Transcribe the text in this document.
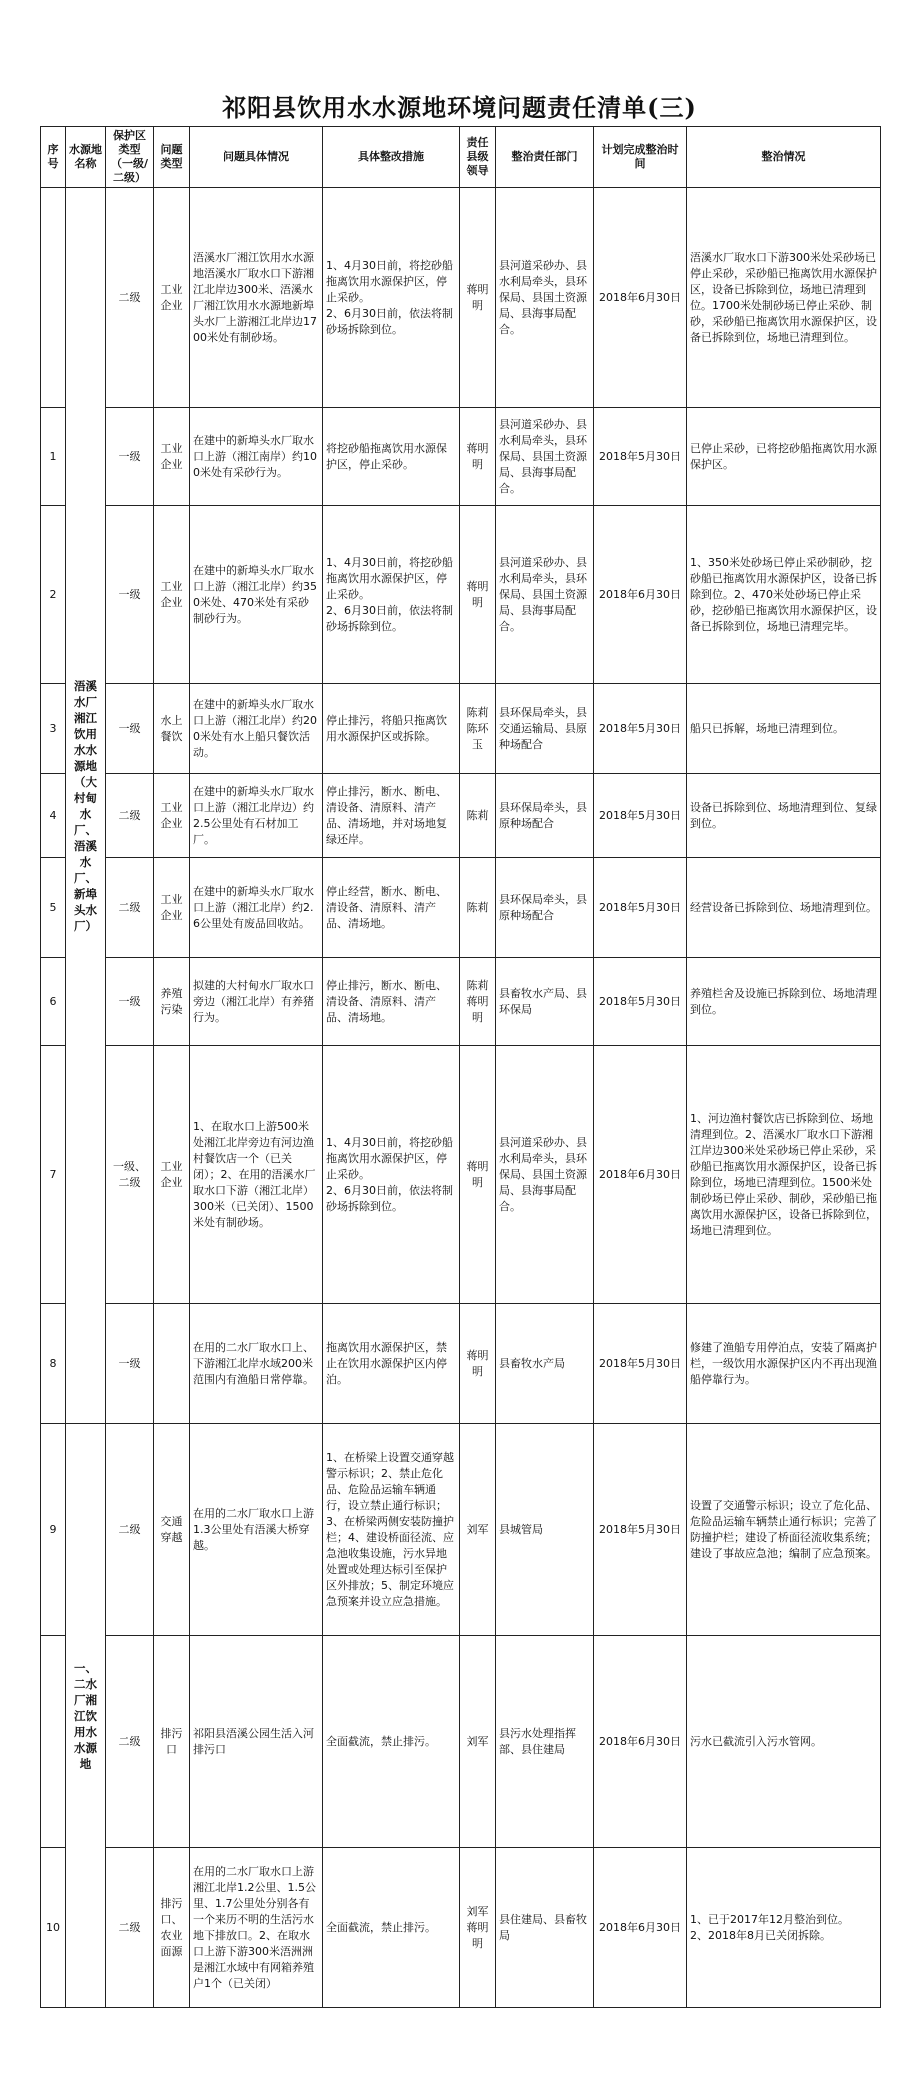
祁阳县饮用水水源地环境问题责任清单(三)
序号	水源地名称	保护区类型（一级/二级）	问题类型	问题具体情况	具体整改措施	责任县级领导	整治责任部门	计划完成整治时间	整治情况
	浯溪水厂湘江饮用水水源地（大村甸水厂、浯溪水厂、新埠头水厂）	二级	工业企业	浯溪水厂湘江饮用水水源地浯溪水厂取水口下游湘江北岸边300米、浯溪水厂湘江饮用水水源地新埠头水厂上游湘江北岸边1700米处有制砂场。	1、4月30日前，将挖砂船拖离饮用水源保护区，停止采砂。
2、6月30日前，依法将制砂场拆除到位。	蒋明明	县河道采砂办、县水利局牵头，县环保局、县国土资源局、县海事局配合。	2018年6月30日	浯溪水厂取水口下游300米处采砂场已停止采砂，采砂船已拖离饮用水源保护区，设备已拆除到位，场地已清理到位。1700米处制砂场已停止采砂、制砂，采砂船已拖离饮用水源保护区，设备已拆除到位，场地已清理到位。
1		一级	工业企业	在建中的新埠头水厂取水口上游（湘江南岸）约100米处有采砂行为。	将挖砂船拖离饮用水源保护区，停止采砂。	蒋明明	县河道采砂办、县水利局牵头，县环保局、县国土资源局、县海事局配合。	2018年5月30日	已停止采砂，已将挖砂船拖离饮用水源保护区。
2		一级	工业企业	在建中的新埠头水厂取水口上游（湘江北岸）约350米处、470米处有采砂制砂行为。	1、4月30日前，将挖砂船拖离饮用水源保护区，停止采砂。
2、6月30日前，依法将制砂场拆除到位。	蒋明明	县河道采砂办、县水利局牵头，县环保局、县国土资源局、县海事局配合。	2018年6月30日	1、350米处砂场已停止采砂制砂，挖砂船已拖离饮用水源保护区，设备已拆除到位。2、470米处砂场已停止采砂，挖砂船已拖离饮用水源保护区，设备已拆除到位，场地已清理完毕。
3		一级	水上餐饮	在建中的新埠头水厂取水口上游（湘江北岸）约200米处有水上船只餐饮活动。	停止排污，将船只拖离饮用水源保护区或拆除。	陈莉陈环玉	县环保局牵头，县交通运输局、县原种场配合	2018年5月30日	船只已拆解，场地已清理到位。
4		二级	工业企业	在建中的新埠头水厂取水口上游（湘江北岸边）约2.5公里处有石材加工厂。	停止排污，断水、断电、清设备、清原料、清产品、清场地，并对场地复绿还岸。	陈莉	县环保局牵头，县原种场配合	2018年5月30日	设备已拆除到位、场地清理到位、复绿到位。
5		二级	工业企业	在建中的新埠头水厂取水口上游（湘江北岸）约2.6公里处有废品回收站。	停止经营，断水、断电、清设备、清原料、清产品、清场地。	陈莉	县环保局牵头，县原种场配合	2018年5月30日	经营设备已拆除到位、场地清理到位。
6		一级	养殖污染	拟建的大村甸水厂取水口旁边（湘江北岸）有养猪行为。	停止排污，断水、断电、清设备、清原料、清产品、清场地。	陈莉蒋明明	县畜牧水产局、县环保局	2018年5月30日	养殖栏舍及设施已拆除到位、场地清理到位。
7		一级、二级	工业企业	1、在取水口上游500米处湘江北岸旁边有河边渔村餐饮店一个（已关闭）；2、在用的浯溪水厂取水口下游（湘江北岸）300米（已关闭）、1500米处有制砂场。	1、4月30日前，将挖砂船拖离饮用水源保护区，停止采砂。
2、6月30日前，依法将制砂场拆除到位。	蒋明明	县河道采砂办、县水利局牵头，县环保局、县国土资源局、县海事局配合。	2018年6月30日	1、河边渔村餐饮店已拆除到位、场地清理到位。2、浯溪水厂取水口下游湘江岸边300米处采砂场已停止采砂，采砂船已拖离饮用水源保护区，设备已拆除到位，场地已清理到位。1500米处制砂场已停止采砂、制砂，采砂船已拖离饮用水源保护区，设备已拆除到位，场地已清理到位。
8		一级		在用的二水厂取水口上、下游湘江北岸水域200米范围内有渔船日常停靠。	拖离饮用水源保护区，禁止在饮用水源保护区内停泊。	蒋明明	县畜牧水产局	2018年5月30日	修建了渔船专用停泊点，安装了隔离护栏，一级饮用水源保护区内不再出现渔船停靠行为。
9	一、二水厂湘江饮用水水源地	二级	交通穿越	在用的二水厂取水口上游1.3公里处有浯溪大桥穿越。	1、在桥梁上设置交通穿越警示标识；2、禁止危化品、危险品运输车辆通行，设立禁止通行标识；3、在桥梁两侧安装防撞护栏；4、建设桥面径流、应急池收集设施，污水异地处置或处理达标引至保护区外排放；5、制定环境应急预案并设立应急措施。	刘军	县城管局	2018年5月30日	设置了交通警示标识；设立了危化品、危险品运输车辆禁止通行标识；完善了防撞护栏；建设了桥面径流收集系统；建设了事故应急池；编制了应急预案。
		二级	排污口	祁阳县浯溪公园生活入河排污口	全面截流，禁止排污。	刘军	县污水处理指挥部、县住建局	2018年6月30日	污水已截流引入污水管网。
10		二级	排污口、农业面源	在用的二水厂取水口上游湘江北岸1.2公里、1.5公里、1.7公里处分别各有一个来历不明的生活污水地下排放口。2、在取水口上游下游300米浯洲洲是湘江水域中有网箱养殖户1个（已关闭）	全面截流，禁止排污。	刘军蒋明明	县住建局、县畜牧局	2018年6月30日	1、已于2017年12月整治到位。
2、2018年8月已关闭拆除。
